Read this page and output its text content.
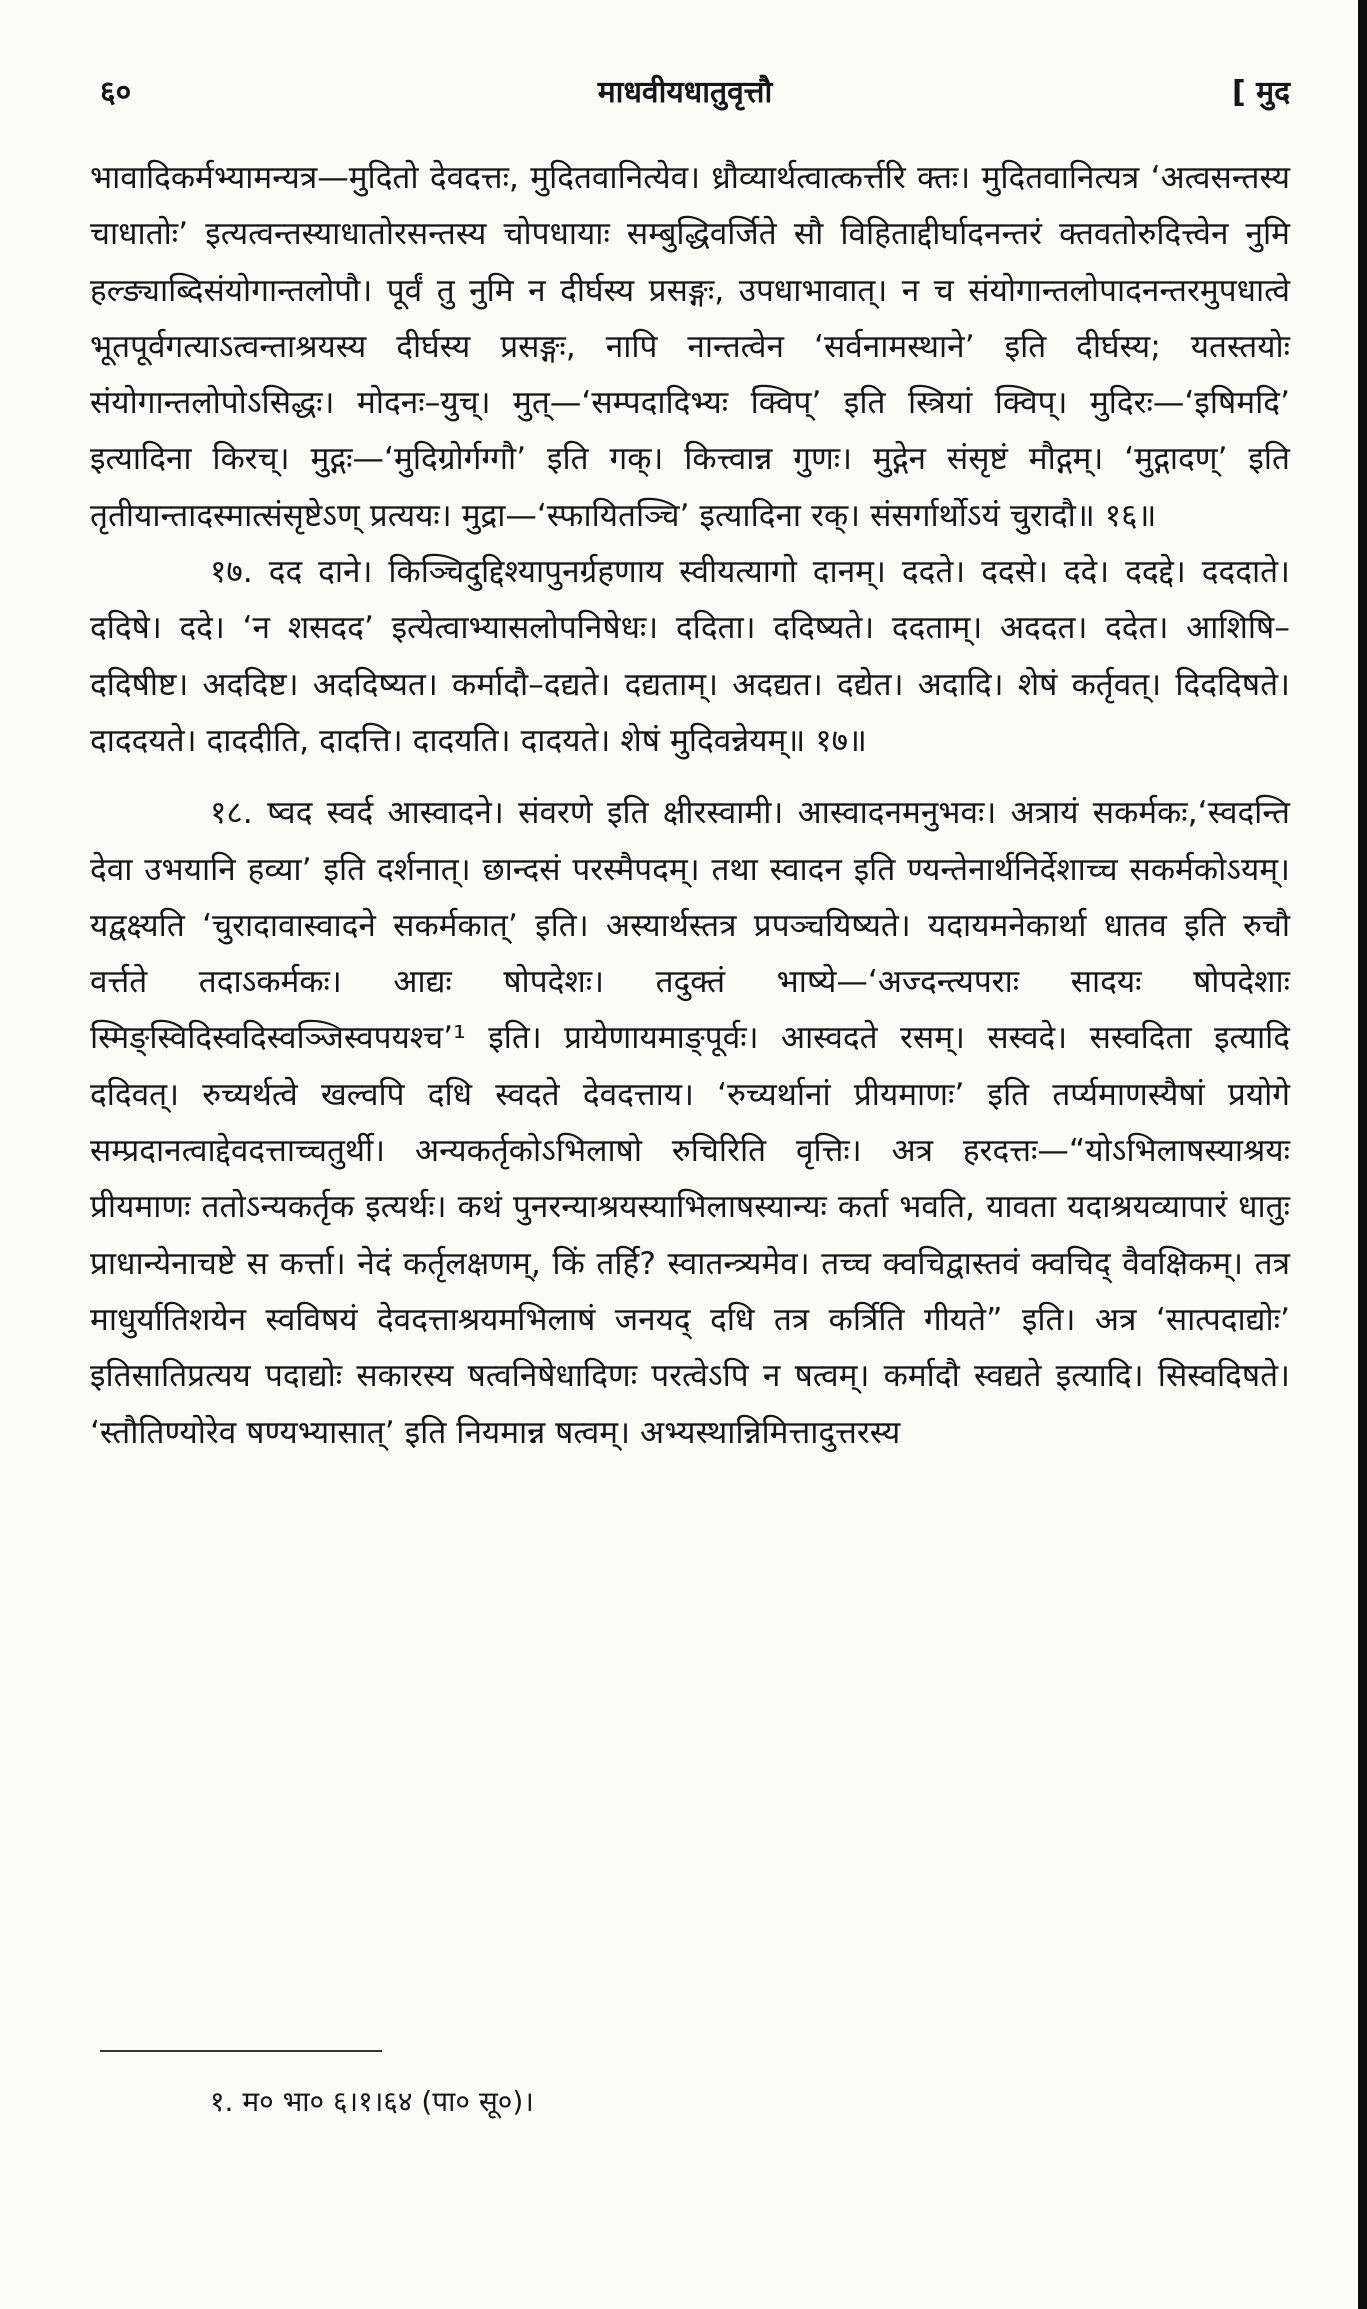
६०	माधवीयधातुवृत्तौ	[ मुद

भावादिकर्मभ्यामन्यत्र—मुदितो देवदत्तः, मुदितवानित्येव। ध्रौव्यार्थत्वात्कर्त्तरि क्तः। मुदितवानित्यत्र ‘अत्वसन्तस्य चाधातोः’ इत्यत्वन्तस्याधातोरसन्तस्य चोपधायाः सम्बुद्धिवर्जिते सौ विहिताद्दीर्घादनन्तरं क्तवतोरुदित्त्वेन नुमि हल्ङ्याब्दिसंयोगान्तलोपौ। पूर्वं तु नुमि न दीर्घस्य प्रसङ्गः, उपधाभावात्। न च संयोगान्तलोपादनन्तरमुपधात्वे भूतपूर्वगत्याऽत्वन्ताश्रयस्य दीर्घस्य प्रसङ्गः, नापि नान्तत्वेन ‘सर्वनामस्थाने’ इति दीर्घस्य; यतस्तयोः संयोगान्तलोपोऽसिद्धः। मोदनः–युच्। मुत्—‘सम्पदादिभ्यः क्विप्’ इति स्त्रियां क्विप्। मुदिरः—‘इषिमदि’ इत्यादिना किरच्। मुद्गः—‘मुदिग्रोर्गग्गौ’ इति गक्। कित्त्वान्न गुणः। मुद्गेन संसृष्टं मौद्गम्। ‘मुद्गादण्’ इति तृतीयान्तादस्मात्संसृष्टेऽण् प्रत्ययः। मुद्रा—‘स्फायितञ्चि’ इत्यादिना रक्। संसर्गार्थोऽयं चुरादौ॥ १६॥

१७. दद दाने। किञ्चिदुद्दिश्यापुनर्ग्रहणाय स्वीयत्यागो दानम्। ददते। ददसे। ददे। ददद्दे। दददाते। ददिषे। ददे। ‘न शसदद’ इत्येत्वाभ्यासलोपनिषेधः। ददिता। ददिष्यते। ददताम्। अददत। ददेत। आशिषि–ददिषीष्ट। अददिष्ट। अददिष्यत। कर्मादौ–दद्यते। दद्यताम्। अदद्यत। दद्येत। अदादि। शेषं कर्तृवत्। दिददिषते। दाददयते। दाददीति, दादत्ति। दादयति। दादयते। शेषं मुदिवन्नेयम्॥ १७॥

१८. ष्वद स्वर्द आस्वादने। संवरणे इति क्षीरस्वामी। आस्वादनमनुभवः। अत्रायं सकर्मकः,‘स्वदन्ति देवा उभयानि हव्या’ इति दर्शनात्। छान्दसं परस्मैपदम्। तथा स्वादन इति ण्यन्तेनार्थनिर्देशाच्च सकर्मकोऽयम्। यद्वक्ष्यति ‘चुरादावास्वादने सकर्मकात्’ इति। अस्यार्थस्तत्र प्रपञ्चयिष्यते। यदायमनेकार्था धातव इति रुचौ वर्त्तते तदाऽकर्मकः। आद्यः षोपदेशः। तदुक्तं भाष्ये—‘अज्दन्त्यपराः सादयः षोपदेशाः स्मिङ्स्विदिस्वदिस्वञ्जिस्वपयश्च’¹ इति। प्रायेणायमाङ्पूर्वः। आस्वदते रसम्। सस्वदे। सस्वदिता इत्यादि ददिवत्। रुच्यर्थत्वे खल्वपि दधि स्वदते देवदत्ताय। ‘रुच्यर्थानां प्रीयमाणः’ इति तर्प्यमाणस्यैषां प्रयोगे सम्प्रदानत्वाद्देवदत्ताच्चतुर्थी। अन्यकर्तृकोऽभिलाषो रुचिरिति वृत्तिः। अत्र हरदत्तः—“योऽभिलाषस्याश्रयः प्रीयमाणः ततोऽन्यकर्तृक इत्यर्थः। कथं पुनरन्याश्रयस्याभिलाषस्यान्यः कर्ता भवति, यावता यदाश्रयव्यापारं धातुः प्राधान्येनाचष्टे स कर्त्ता। नेदं कर्तृलक्षणम्, किं तर्हि? स्वातन्त्र्यमेव। तच्च क्वचिद्वास्तवं क्वचिद् वैवक्षिकम्। तत्र माधुर्यातिशयेन स्वविषयं देवदत्ताश्रयमभिलाषं जनयद् दधि तत्र कर्त्रिति गीयते” इति। अत्र ‘सात्पदाद्योः’ इतिसातिप्रत्यय पदाद्योः सकारस्य षत्वनिषेधादिणः परत्वेऽपि न षत्वम्। कर्मादौ स्वद्यते इत्यादि। सिस्वदिषते। ‘स्तौतिण्योरेव षण्यभ्यासात्’ इति नियमान्न षत्वम्। अभ्यस्थान्निमित्तादुत्तरस्य

१. म० भा० ६।१।६४ (पा० सू०)।
